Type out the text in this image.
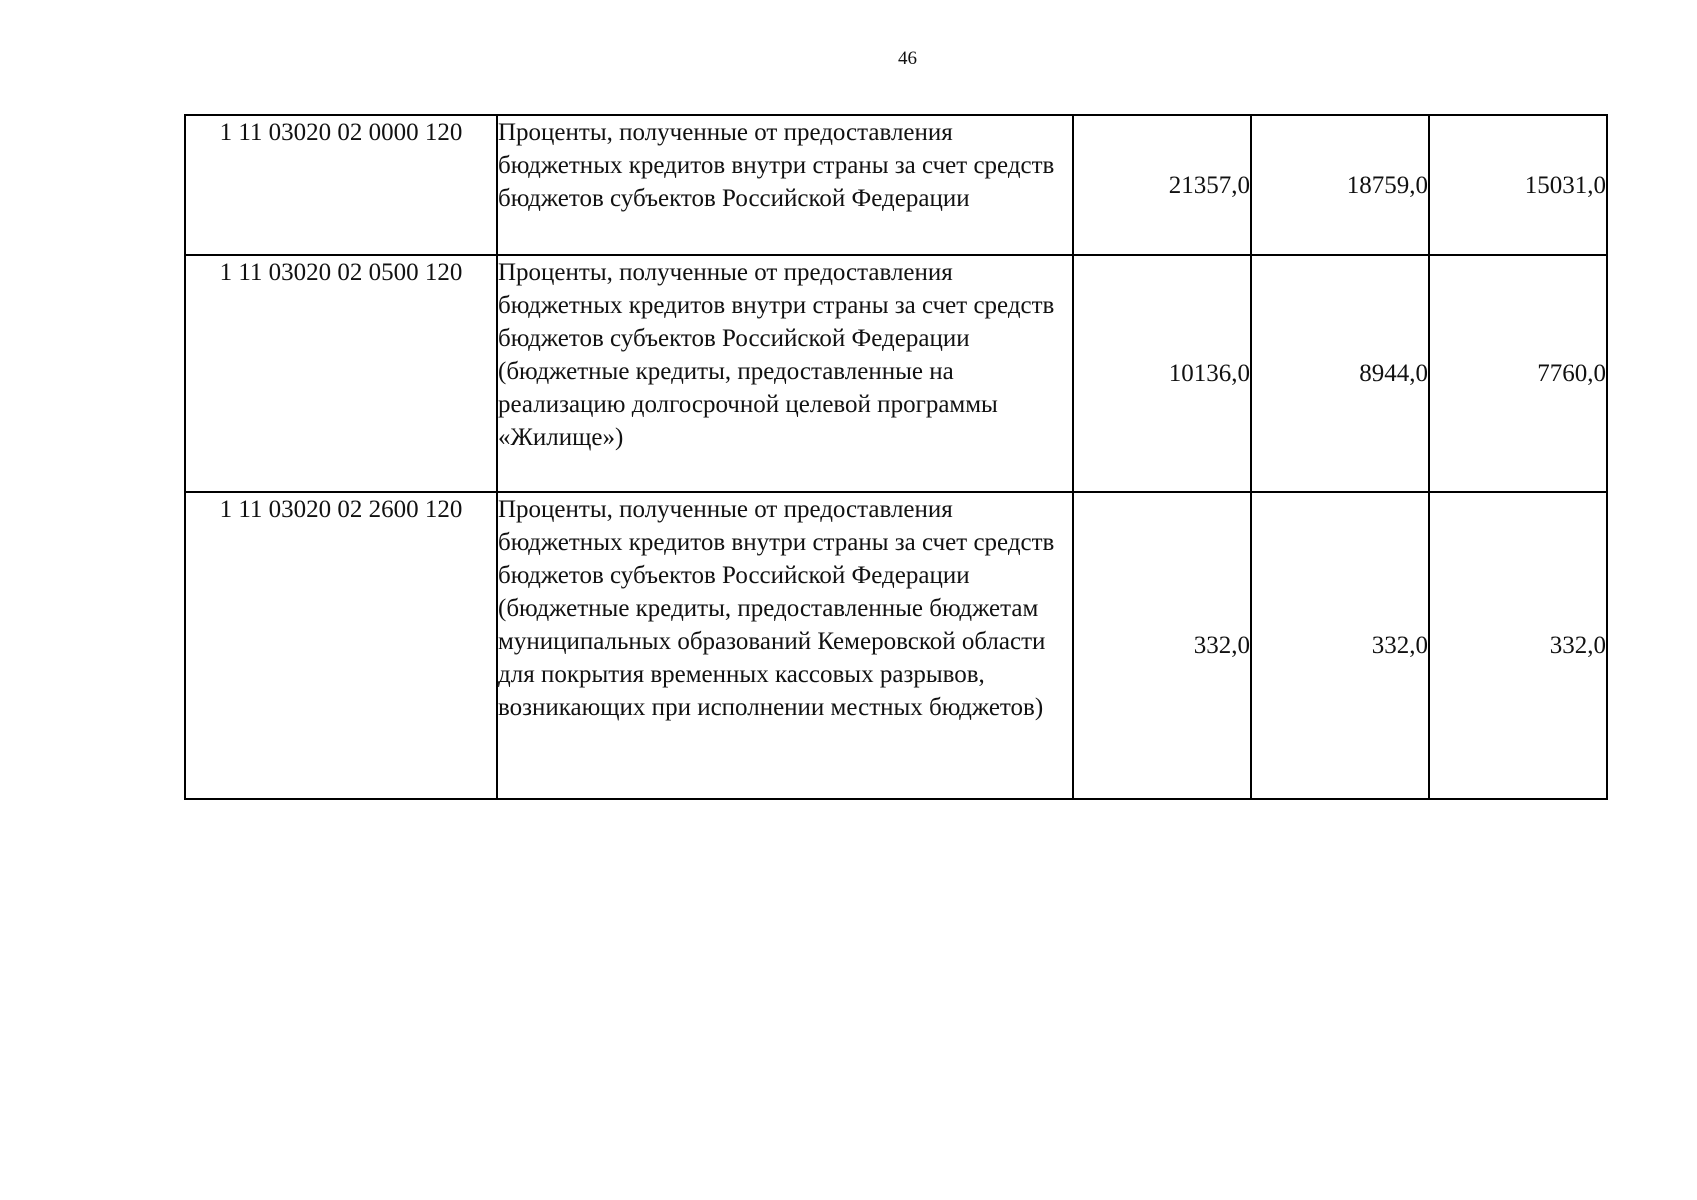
46
1 11 03020 02 0000 120	Проценты, полученные от предоставления бюджетных кредитов внутри страны за счет средств бюджетов субъектов Российской Федерации	21357,0	18759,0	15031,0
1 11 03020 02 0500 120	Проценты, полученные от предоставления бюджетных кредитов внутри страны за счет средств бюджетов субъектов Российской Федерации (бюджетные кредиты, предоставленные на реализацию долгосрочной целевой программы «Жилище»)	10136,0	8944,0	7760,0
1 11 03020 02 2600 120	Проценты, полученные от предоставления бюджетных кредитов внутри страны за счет средств бюджетов субъектов Российской Федерации (бюджетные кредиты, предоставленные бюджетам муниципальных образований Кемеровской области для покрытия временных кассовых разрывов, возникающих при исполнении местных бюджетов)	332,0	332,0	332,0
